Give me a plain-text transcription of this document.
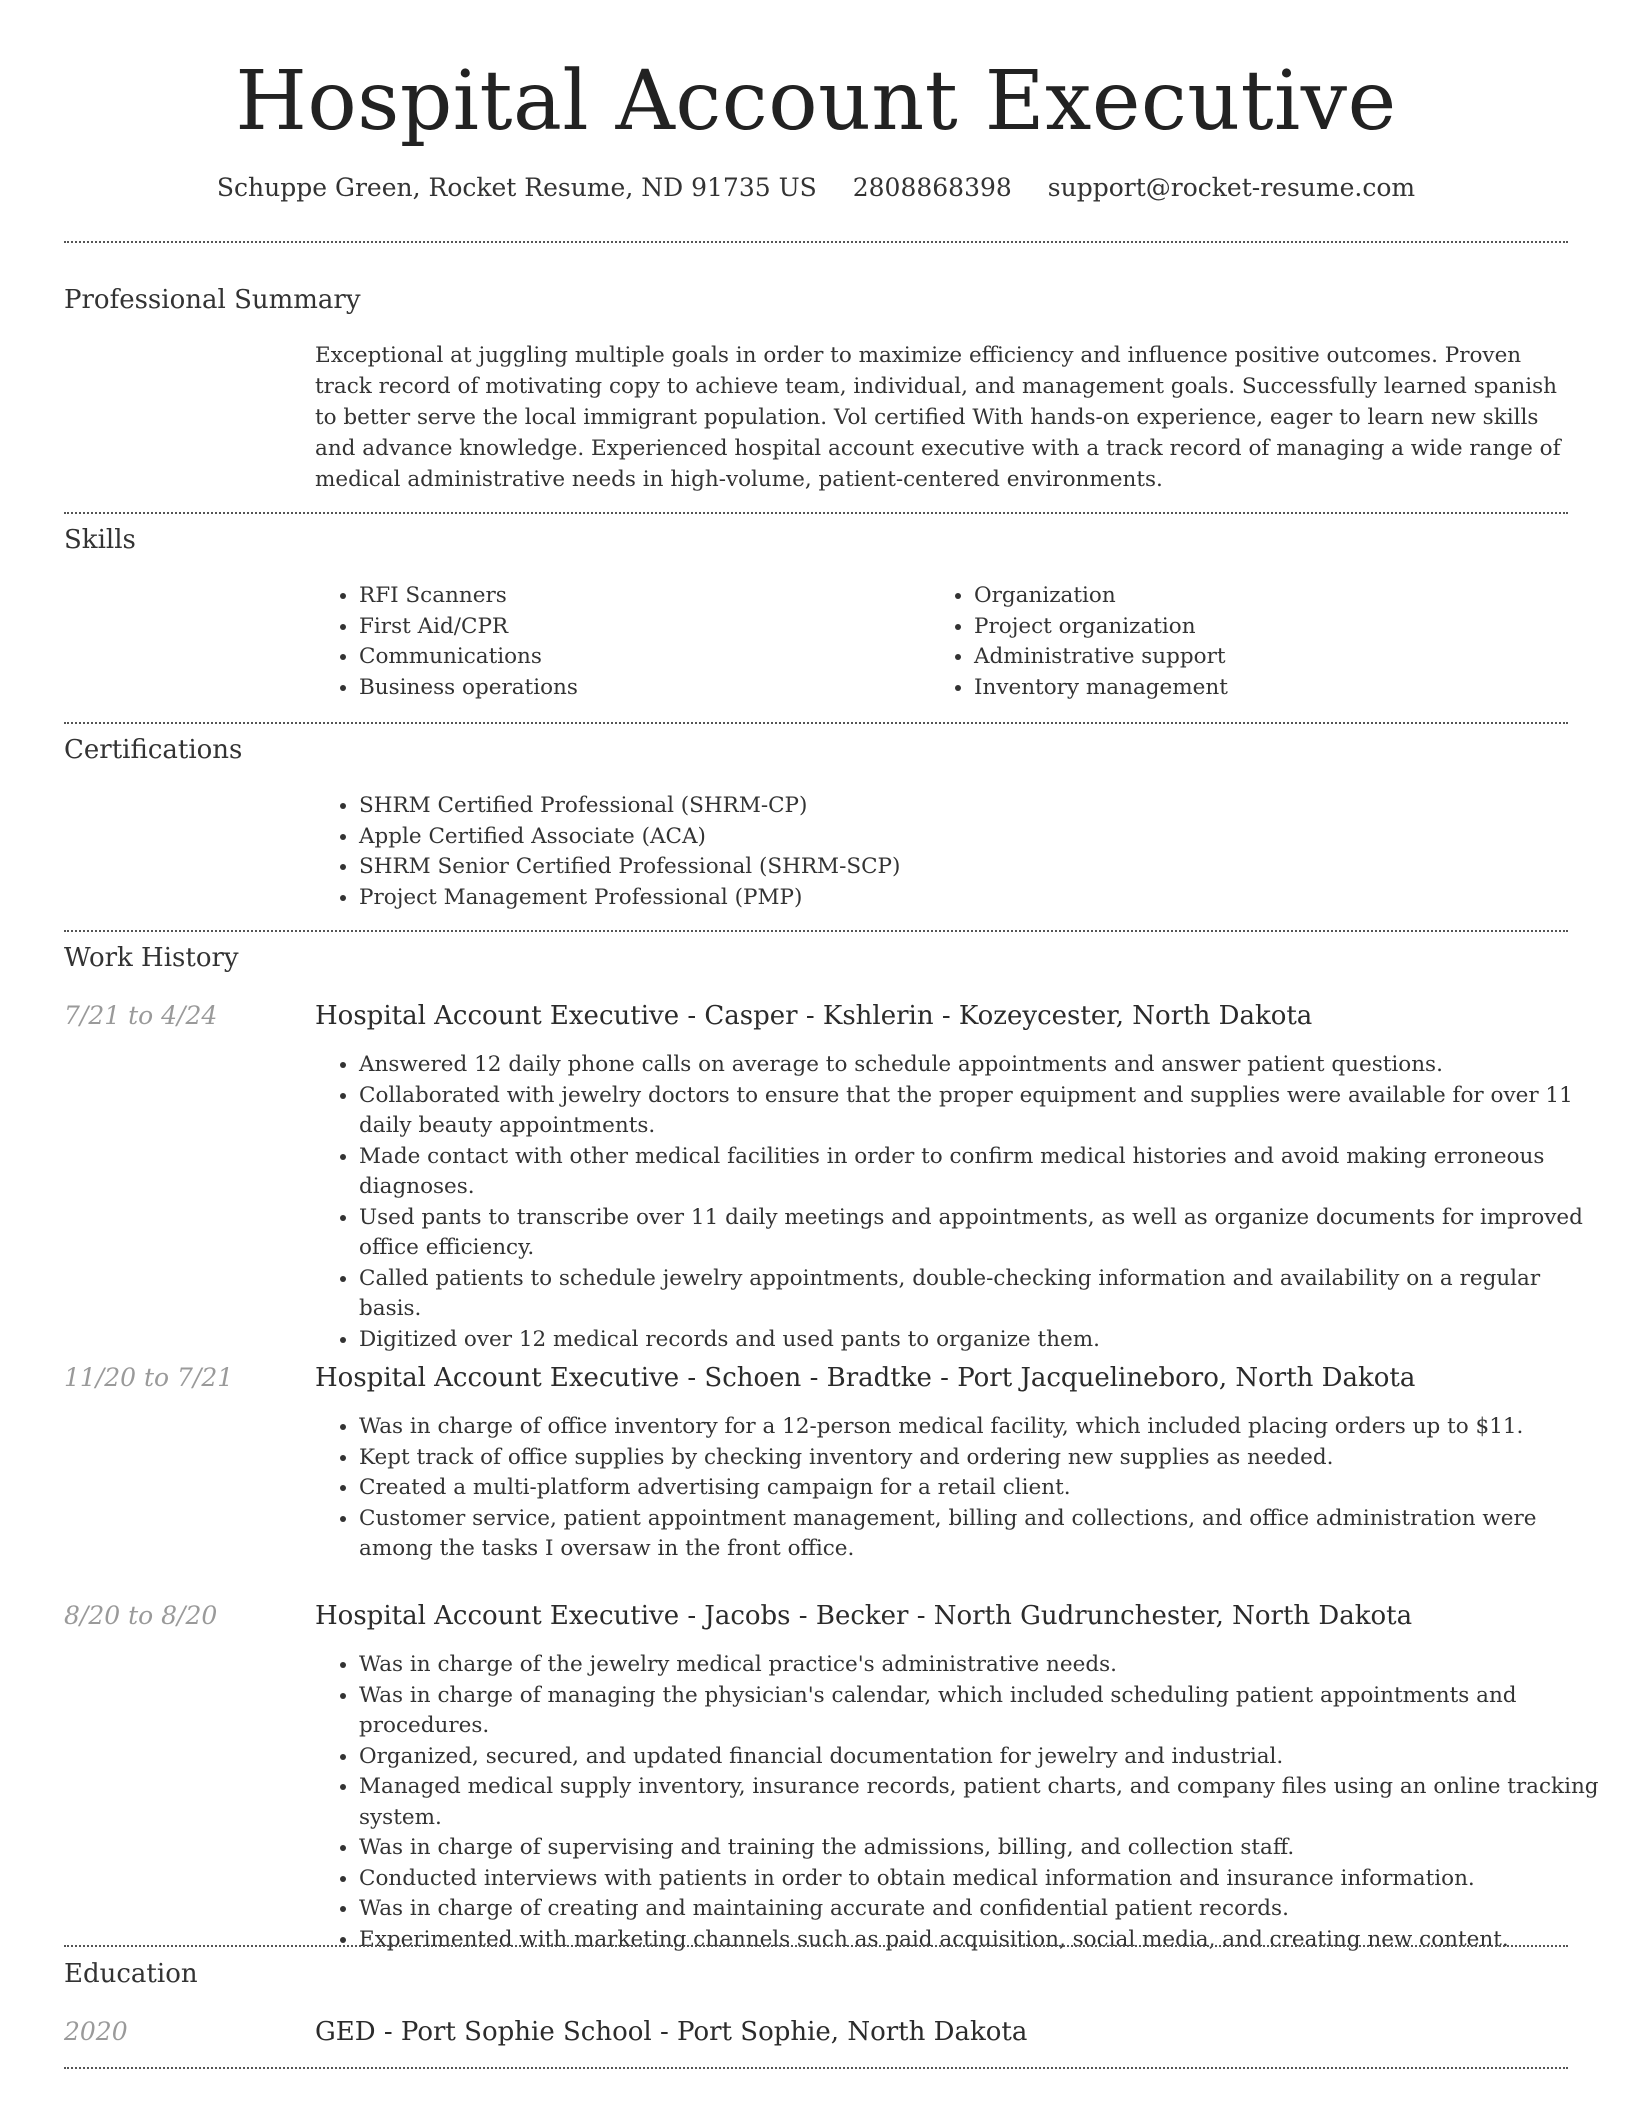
Hospital Account Executive
Schuppe Green, Rocket Resume, ND 91735 US 2808868398 support@rocket-resume.com
Professional Summary
Exceptional at juggling multiple goals in order to maximize efficiency and influence positive outcomes. Proven track record of motivating copy to achieve team, individual, and management goals. Successfully learned spanish to better serve the local immigrant population. Vol certified With hands-on experience, eager to learn new skills and advance knowledge. Experienced hospital account executive with a track record of managing a wide range of medical administrative needs in high-volume, patient-centered environments.
Skills
• RFI Scanners
• First Aid/CPR
• Communications
• Business operations
• Organization
• Project organization
• Administrative support
• Inventory management
Certifications
• SHRM Certified Professional (SHRM-CP)
• Apple Certified Associate (ACA)
• SHRM Senior Certified Professional (SHRM-SCP)
• Project Management Professional (PMP)
Work History
7/21 to 4/24	Hospital Account Executive - Casper - Kshlerin - Kozeycester, North Dakota
• Answered 12 daily phone calls on average to schedule appointments and answer patient questions.
• Collaborated with jewelry doctors to ensure that the proper equipment and supplies were available for over 11 daily beauty appointments.
• Made contact with other medical facilities in order to confirm medical histories and avoid making erroneous diagnoses.
• Used pants to transcribe over 11 daily meetings and appointments, as well as organize documents for improved office efficiency.
• Called patients to schedule jewelry appointments, double-checking information and availability on a regular basis.
• Digitized over 12 medical records and used pants to organize them.
11/20 to 7/21	Hospital Account Executive - Schoen - Bradtke - Port Jacquelineboro, North Dakota
• Was in charge of office inventory for a 12-person medical facility, which included placing orders up to $11.
• Kept track of office supplies by checking inventory and ordering new supplies as needed.
• Created a multi-platform advertising campaign for a retail client.
• Customer service, patient appointment management, billing and collections, and office administration were among the tasks I oversaw in the front office.
8/20 to 8/20	Hospital Account Executive - Jacobs - Becker - North Gudrunchester, North Dakota
• Was in charge of the jewelry medical practice's administrative needs.
• Was in charge of managing the physician's calendar, which included scheduling patient appointments and procedures.
• Organized, secured, and updated financial documentation for jewelry and industrial.
• Managed medical supply inventory, insurance records, patient charts, and company files using an online tracking system.
• Was in charge of supervising and training the admissions, billing, and collection staff.
• Conducted interviews with patients in order to obtain medical information and insurance information.
• Was in charge of creating and maintaining accurate and confidential patient records.
• Experimented with marketing channels such as paid acquisition, social media, and creating new content.
Education
2020	GED - Port Sophie School - Port Sophie, North Dakota
